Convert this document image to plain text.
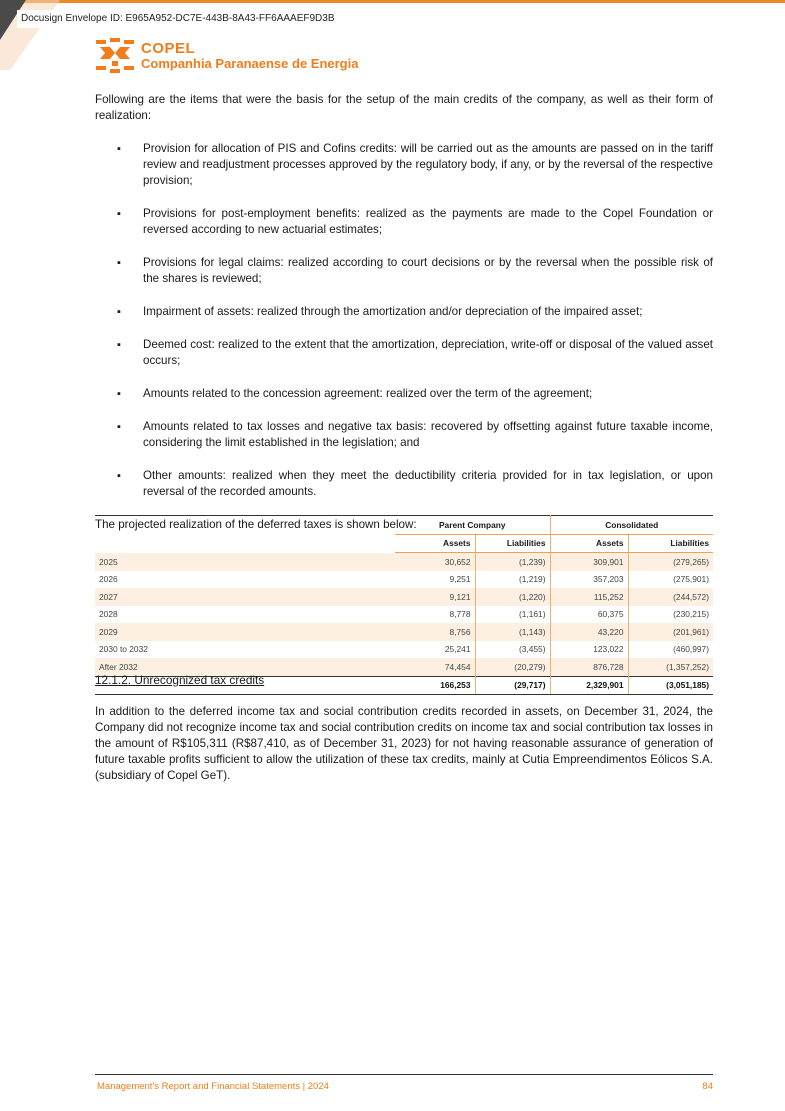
Docusign Envelope ID: E965A952-DC7E-443B-8A43-FF6AAAEF9D3B
COPEL
Companhia Paranaense de Energia

Following are the items that were the basis for the setup of the main credits of the company, as well as their form of realization:

▪ Provision for allocation of PIS and Cofins credits: will be carried out as the amounts are passed on in the tariff review and readjustment processes approved by the regulatory body, if any, or by the reversal of the respective provision;
▪ Provisions for post-employment benefits: realized as the payments are made to the Copel Foundation or reversed according to new actuarial estimates;
▪ Provisions for legal claims: realized according to court decisions or by the reversal when the possible risk of the shares is reviewed;
▪ Impairment of assets: realized through the amortization and/or depreciation of the impaired asset;
▪ Deemed cost: realized to the extent that the amortization, depreciation, write-off or disposal of the valued asset occurs;
▪ Amounts related to the concession agreement: realized over the term of the agreement;
▪ Amounts related to tax losses and negative tax basis: recovered by offsetting against future taxable income, considering the limit established in the legislation; and
▪ Other amounts: realized when they meet the deductibility criteria provided for in tax legislation, or upon reversal of the recorded amounts.

The projected realization of the deferred taxes is shown below:

		Parent Company		Consolidated	
	Assets	Liabilities	Assets	Liabilities
2025	30,652	(1,239)	309,901	(279,265)
2026	9,251	(1,219)	357,203	(275,901)
2027	9,121	(1,220)	115,252	(244,572)
2028	8,778	(1,161)	60,375	(230,215)
2029	8,756	(1,143)	43,220	(201,961)
2030 to 2032	25,241	(3,455)	123,022	(460,997)
After 2032	74,454	(20,279)	876,728	(1,357,252)
	166,253	(29,717)	2,329,901	(3,051,185)
12.1.2. Unrecognized tax credits

In addition to the deferred income tax and social contribution credits recorded in assets, on December 31, 2024, the Company did not recognize income tax and social contribution credits on income tax and social contribution tax losses in the amount of R$105,311 (R$87,410, as of December 31, 2023) for not having reasonable assurance of generation of future taxable profits sufficient to allow the utilization of these tax credits, mainly at Cutia Empreendimentos Eólicos S.A. (subsidiary of Copel GeT).

Management's Report and Financial Statements | 2024	84
